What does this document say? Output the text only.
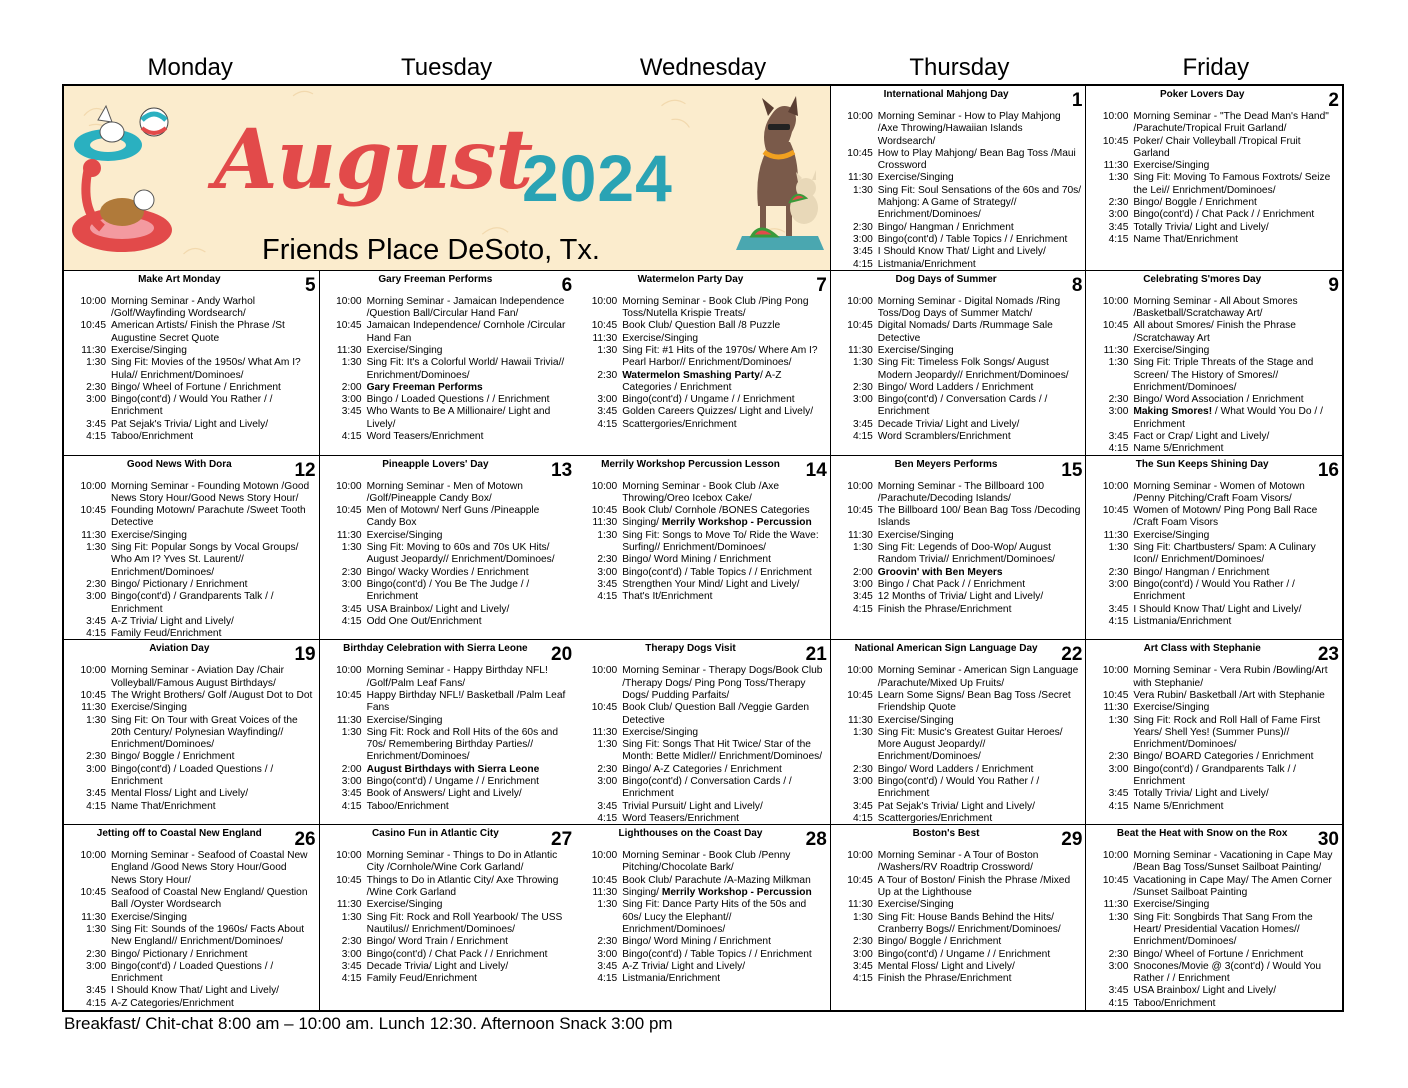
Monday	Tuesday	Wednesday	Thursday	Friday
August
2024
Friends Place DeSoto, Tx.
International Mahjong Day	1
10:00 Morning Seminar - How to Play Mahjong /Axe Throwing/Hawaiian Islands Wordsearch/
10:45 How to Play Mahjong/ Bean Bag Toss /Maui Crossword
11:30 Exercise/Singing
1:30 Sing Fit: Soul Sensations of the 60s and 70s/ Mahjong: A Game of Strategy// Enrichment/Dominoes/
2:30 Bingo/ Hangman / Enrichment
3:00 Bingo(cont'd) / Table Topics / / Enrichment
3:45 I Should Know That/ Light and Lively/
4:15 Listmania/Enrichment
Poker Lovers Day	2
10:00 Morning Seminar - "The Dead Man's Hand" /Parachute/Tropical Fruit Garland/
10:45 Poker/ Chair Volleyball /Tropical Fruit Garland
11:30 Exercise/Singing
1:30 Sing Fit: Moving To Famous Foxtrots/ Seize the Lei// Enrichment/Dominoes/
2:30 Bingo/ Boggle / Enrichment
3:00 Bingo(cont'd) / Chat Pack / / Enrichment
3:45 Totally Trivia/ Light and Lively/
4:15 Name That/Enrichment
Make Art Monday	5
10:00 Morning Seminar - Andy Warhol /Golf/Wayfinding Wordsearch/
10:45 American Artists/ Finish the Phrase /St Augustine Secret Quote
11:30 Exercise/Singing
1:30 Sing Fit: Movies of the 1950s/ What Am I? Hula// Enrichment/Dominoes/
2:30 Bingo/ Wheel of Fortune / Enrichment
3:00 Bingo(cont'd) / Would You Rather / / Enrichment
3:45 Pat Sejak's Trivia/ Light and Lively/
4:15 Taboo/Enrichment
Gary Freeman Performs	6
10:00 Morning Seminar - Jamaican Independence /Question Ball/Circular Hand Fan/
10:45 Jamaican Independence/ Cornhole /Circular Hand Fan
11:30 Exercise/Singing
1:30 Sing Fit: It's a Colorful World/ Hawaii Trivia// Enrichment/Dominoes/
2:00 Gary Freeman Performs
3:00 Bingo / Loaded Questions / / Enrichment
3:45 Who Wants to Be A Millionaire/ Light and Lively/
4:15 Word Teasers/Enrichment
Watermelon Party Day	7
10:00 Morning Seminar - Book Club /Ping Pong Toss/Nutella Krispie Treats/
10:45 Book Club/ Question Ball /8 Puzzle
11:30 Exercise/Singing
1:30 Sing Fit: #1 Hits of the 1970s/ Where Am I? Pearl Harbor// Enrichment/Dominoes/
2:30 Watermelon Smashing Party/ A-Z Categories / Enrichment
3:00 Bingo(cont'd) / Ungame / / Enrichment
3:45 Golden Careers Quizzes/ Light and Lively/
4:15 Scattergories/Enrichment
Dog Days of Summer	8
10:00 Morning Seminar - Digital Nomads /Ring Toss/Dog Days of Summer Match/
10:45 Digital Nomads/ Darts /Rummage Sale Detective
11:30 Exercise/Singing
1:30 Sing Fit: Timeless Folk Songs/ August Modern Jeopardy// Enrichment/Dominoes/
2:30 Bingo/ Word Ladders / Enrichment
3:00 Bingo(cont'd) / Conversation Cards / / Enrichment
3:45 Decade Trivia/ Light and Lively/
4:15 Word Scramblers/Enrichment
Celebrating S'mores Day	9
10:00 Morning Seminar - All About Smores /Basketball/Scratchaway Art/
10:45 All about Smores/ Finish the Phrase /Scratchaway Art
11:30 Exercise/Singing
1:30 Sing Fit: Triple Threats of the Stage and Screen/ The History of Smores// Enrichment/Dominoes/
2:30 Bingo/ Word Association / Enrichment
3:00 Making Smores! / What Would You Do / / Enrichment
3:45 Fact or Crap/ Light and Lively/
4:15 Name 5/Enrichment
Good News With Dora	12
10:00 Morning Seminar - Founding Motown /Good News Story Hour/Good News Story Hour/
10:45 Founding Motown/ Parachute /Sweet Tooth Detective
11:30 Exercise/Singing
1:30 Sing Fit: Popular Songs by Vocal Groups/ Who Am I? Yves St. Laurent// Enrichment/Dominoes/
2:30 Bingo/ Pictionary / Enrichment
3:00 Bingo(cont'd) / Grandparents Talk / / Enrichment
3:45 A-Z Trivia/ Light and Lively/
4:15 Family Feud/Enrichment
Pineapple Lovers' Day	13
10:00 Morning Seminar - Men of Motown /Golf/Pineapple Candy Box/
10:45 Men of Motown/ Nerf Guns /Pineapple Candy Box
11:30 Exercise/Singing
1:30 Sing Fit: Moving to 60s and 70s UK Hits/ August Jeopardy// Enrichment/Dominoes/
2:30 Bingo/ Wacky Wordies / Enrichment
3:00 Bingo(cont'd) / You Be The Judge / / Enrichment
3:45 USA Brainbox/ Light and Lively/
4:15 Odd One Out/Enrichment
Merrily Workshop Percussion Lesson	14
10:00 Morning Seminar - Book Club /Axe Throwing/Oreo Icebox Cake/
10:45 Book Club/ Cornhole /BONES Categories
11:30 Singing/ Merrily Workshop - Percussion
1:30 Sing Fit: Songs to Move To/ Ride the Wave: Surfing// Enrichment/Dominoes/
2:30 Bingo/ Word Mining / Enrichment
3:00 Bingo(cont'd) / Table Topics / / Enrichment
3:45 Strengthen Your Mind/ Light and Lively/
4:15 That's It/Enrichment
Ben Meyers Performs	15
10:00 Morning Seminar - The Billboard 100 /Parachute/Decoding Islands/
10:45 The Billboard 100/ Bean Bag Toss /Decoding Islands
11:30 Exercise/Singing
1:30 Sing Fit: Legends of Doo-Wop/ August Random Trivia// Enrichment/Dominoes/
2:00 Groovin' with Ben Meyers
3:00 Bingo / Chat Pack / / Enrichment
3:45 12 Months of Trivia/ Light and Lively/
4:15 Finish the Phrase/Enrichment
The Sun Keeps Shining Day	16
10:00 Morning Seminar - Women of Motown /Penny Pitching/Craft Foam Visors/
10:45 Women of Motown/ Ping Pong Ball Race /Craft Foam Visors
11:30 Exercise/Singing
1:30 Sing Fit: Chartbusters/ Spam: A Culinary Icon// Enrichment/Dominoes/
2:30 Bingo/ Hangman / Enrichment
3:00 Bingo(cont'd) / Would You Rather / / Enrichment
3:45 I Should Know That/ Light and Lively/
4:15 Listmania/Enrichment
Aviation Day	19
10:00 Morning Seminar - Aviation Day /Chair Volleyball/Famous August Birthdays/
10:45 The Wright Brothers/ Golf /August Dot to Dot
11:30 Exercise/Singing
1:30 Sing Fit: On Tour with Great Voices of the 20th Century/ Polynesian Wayfinding// Enrichment/Dominoes/
2:30 Bingo/ Boggle / Enrichment
3:00 Bingo(cont'd) / Loaded Questions / / Enrichment
3:45 Mental Floss/ Light and Lively/
4:15 Name That/Enrichment
Birthday Celebration with Sierra Leone	20
10:00 Morning Seminar - Happy Birthday NFL! /Golf/Palm Leaf Fans/
10:45 Happy Birthday NFL!/ Basketball /Palm Leaf Fans
11:30 Exercise/Singing
1:30 Sing Fit: Rock and Roll Hits of the 60s and 70s/ Remembering Birthday Parties// Enrichment/Dominoes/
2:00 August Birthdays with Sierra Leone
3:00 Bingo(cont'd) / Ungame / / Enrichment
3:45 Book of Answers/ Light and Lively/
4:15 Taboo/Enrichment
Therapy Dogs Visit	21
10:00 Morning Seminar - Therapy Dogs/Book Club /Therapy Dogs/ Ping Pong Toss/Therapy Dogs/ Pudding Parfaits/
10:45 Book Club/ Question Ball /Veggie Garden Detective
11:30 Exercise/Singing
1:30 Sing Fit: Songs That Hit Twice/ Star of the Month: Bette Midler// Enrichment/Dominoes/
2:30 Bingo/ A-Z Categories / Enrichment
3:00 Bingo(cont'd) / Conversation Cards / / Enrichment
3:45 Trivial Pursuit/ Light and Lively/
4:15 Word Teasers/Enrichment
National American Sign Language Day	22
10:00 Morning Seminar - American Sign Language /Parachute/Mixed Up Fruits/
10:45 Learn Some Signs/ Bean Bag Toss /Secret Friendship Quote
11:30 Exercise/Singing
1:30 Sing Fit: Music's Greatest Guitar Heroes/ More August Jeopardy// Enrichment/Dominoes/
2:30 Bingo/ Word Ladders / Enrichment
3:00 Bingo(cont'd) / Would You Rather / / Enrichment
3:45 Pat Sejak's Trivia/ Light and Lively/
4:15 Scattergories/Enrichment
Art Class with Stephanie	23
10:00 Morning Seminar - Vera Rubin /Bowling/Art with Stephanie/
10:45 Vera Rubin/ Basketball /Art with Stephanie
11:30 Exercise/Singing
1:30 Sing Fit: Rock and Roll Hall of Fame First Years/ Shell Yes! (Summer Puns)// Enrichment/Dominoes/
2:30 Bingo/ BOARD Categories / Enrichment
3:00 Bingo(cont'd) / Grandparents Talk / / Enrichment
3:45 Totally Trivia/ Light and Lively/
4:15 Name 5/Enrichment
Jetting off to Coastal New England	26
10:00 Morning Seminar - Seafood of Coastal New England /Good News Story Hour/Good News Story Hour/
10:45 Seafood of Coastal New England/ Question Ball /Oyster Wordsearch
11:30 Exercise/Singing
1:30 Sing Fit: Sounds of the 1960s/ Facts About New England// Enrichment/Dominoes/
2:30 Bingo/ Pictionary / Enrichment
3:00 Bingo(cont'd) / Loaded Questions / / Enrichment
3:45 I Should Know That/ Light and Lively/
4:15 A-Z Categories/Enrichment
Casino Fun in Atlantic City	27
10:00 Morning Seminar - Things to Do in Atlantic City /Cornhole/Wine Cork Garland/
10:45 Things to Do in Atlantic City/ Axe Throwing /Wine Cork Garland
11:30 Exercise/Singing
1:30 Sing Fit: Rock and Roll Yearbook/ The USS Nautilus// Enrichment/Dominoes/
2:30 Bingo/ Word Train / Enrichment
3:00 Bingo(cont'd) / Chat Pack / / Enrichment
3:45 Decade Trivia/ Light and Lively/
4:15 Family Feud/Enrichment
Lighthouses on the Coast Day	28
10:00 Morning Seminar - Book Club /Penny Pitching/Chocolate Bark/
10:45 Book Club/ Parachute /A-Mazing Milkman
11:30 Singing/ Merrily Workshop - Percussion
1:30 Sing Fit: Dance Party Hits of the 50s and 60s/ Lucy the Elephant// Enrichment/Dominoes/
2:30 Bingo/ Word Mining / Enrichment
3:00 Bingo(cont'd) / Table Topics / / Enrichment
3:45 A-Z Trivia/ Light and Lively/
4:15 Listmania/Enrichment
Boston's Best	29
10:00 Morning Seminar - A Tour of Boston /Washers/RV Roadtrip Crossword/
10:45 A Tour of Boston/ Finish the Phrase /Mixed Up at the Lighthouse
11:30 Exercise/Singing
1:30 Sing Fit: House Bands Behind the Hits/ Cranberry Bogs// Enrichment/Dominoes/
2:30 Bingo/ Boggle / Enrichment
3:00 Bingo(cont'd) / Ungame / / Enrichment
3:45 Mental Floss/ Light and Lively/
4:15 Finish the Phrase/Enrichment
Beat the Heat with Snow on the Rox	30
10:00 Morning Seminar - Vacationing in Cape May /Bean Bag Toss/Sunset Sailboat Painting/
10:45 Vacationing in Cape May/ The Amen Corner /Sunset Sailboat Painting
11:30 Exercise/Singing
1:30 Sing Fit: Songbirds That Sang From the Heart/ Presidential Vacation Homes// Enrichment/Dominoes/
2:30 Bingo/ Wheel of Fortune / Enrichment
3:00 Snocones/Movie @ 3(cont'd) / Would You Rather / / Enrichment
3:45 USA Brainbox/ Light and Lively/
4:15 Taboo/Enrichment
Breakfast/ Chit-chat 8:00 am – 10:00 am. Lunch 12:30. Afternoon Snack 3:00 pm
